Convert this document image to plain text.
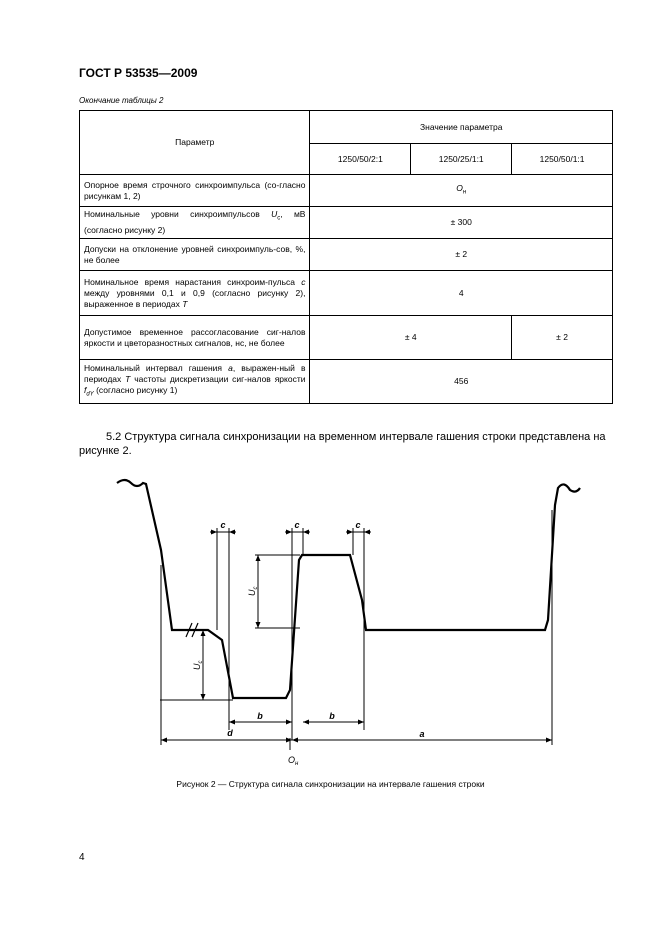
ГОСТ Р 53535—2009
Окончание таблицы 2
Параметр	Значение параметра		
	1250/50/2:1	1250/25/1:1	1250/50/1:1
Опорное время строчного синхроимпульса (со-гласно рисункам 1, 2)	$O_н$
Номинальные уровни синхроимпульсов $U_c$, мВ (согласно рисунку 2)	± 300		
Допуски на отклонение уровней синхроимпуль-сов, %, не более	± 2		
Номинальное время нарастания синхроим-пульса c между уровнями 0,1 и 0,9 (согласно рисунку 2), выраженное в периодах T	4		
Допустимое временное рассогласование сиг-налов яркости и цветоразностных сигналов, нс, не более	± 4		± 2
Номинальный интервал гашения a, выражен-ный в периодах T частоты дискретизации сиг-налов яркости $f_{dY}$ (согласно рисунку 1)	456		
5.2 Структура сигнала синхронизации на временном интервале гашения строки представлена на рисунке 2.
c	c	c
b	b
d	a
$U_c$
$U_c$
$O_н$
Рисунок 2 — Структура сигнала синхронизации на интервале гашения строки
4
